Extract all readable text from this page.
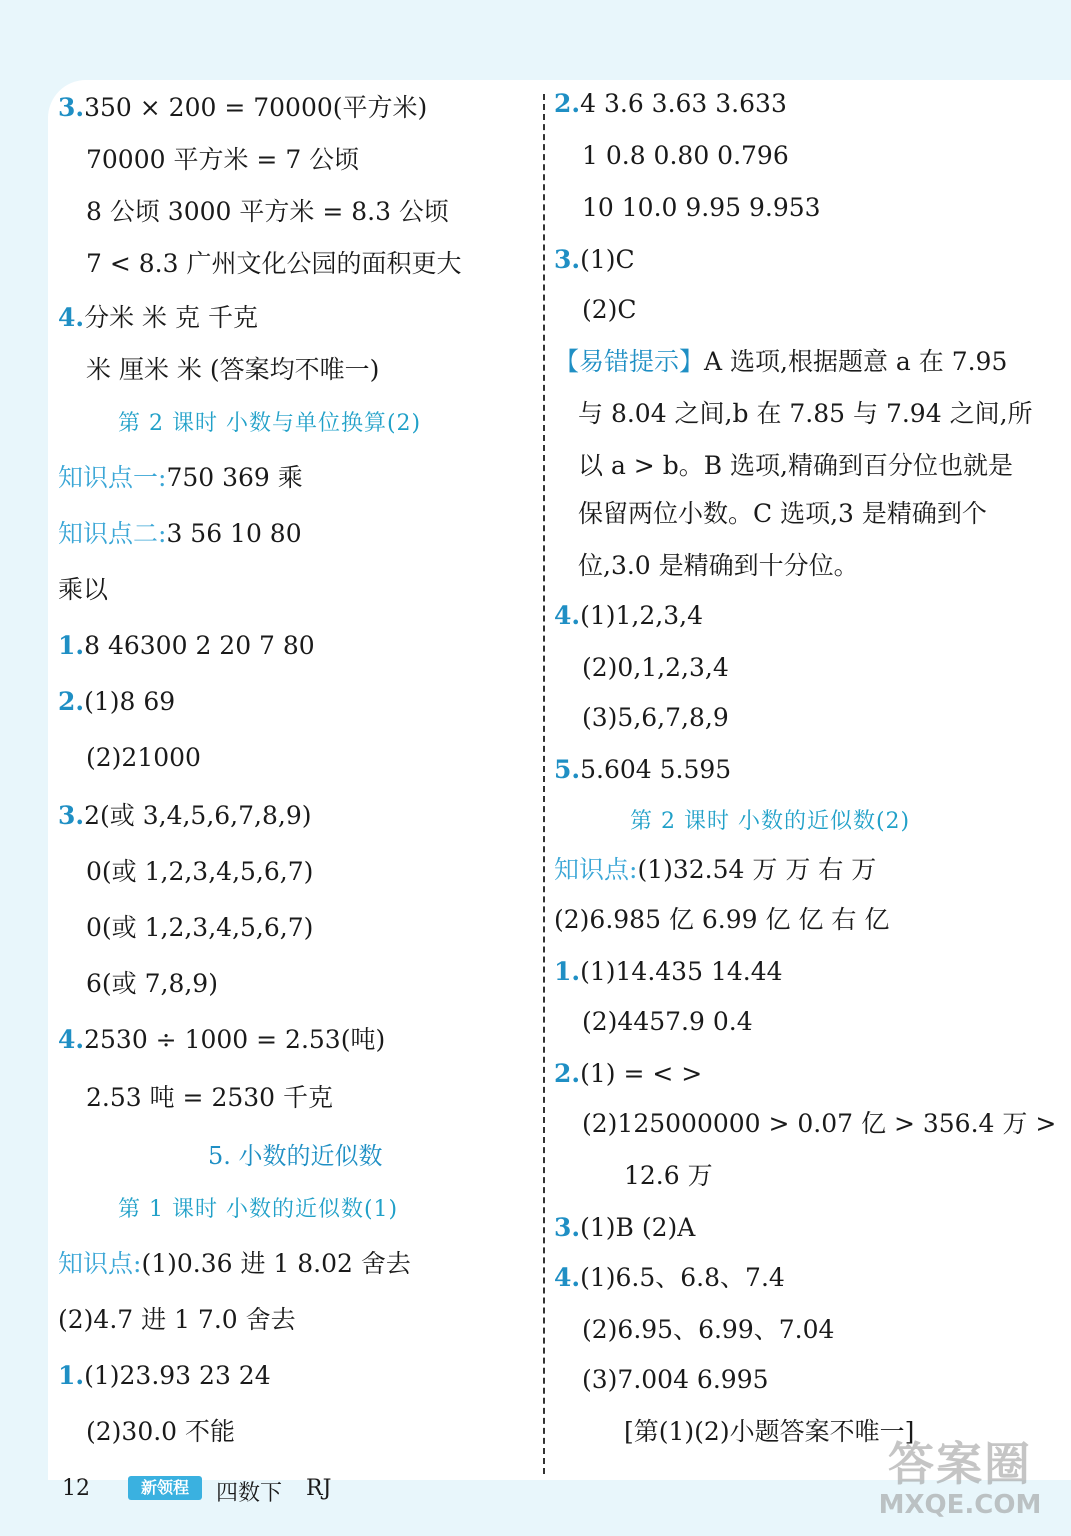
3.350 × 200 = 70000(平方米)
70000 平方米 = 7 公顷
8 公顷 3000 平方米 = 8.3 公顷
7 < 8.3 广州文化公园的面积更大
4.分米 米 克 千克
米 厘米 米 (答案均不唯一)
第 2 课时 小数与单位换算(2)
知识点一:750 369 乘
知识点二:3 56 10 80
乘以
1.8 46300 2 20 7 80
2.(1)8 69
(2)21000
3.2(或 3,4,5,6,7,8,9)
0(或 1,2,3,4,5,6,7)
0(或 1,2,3,4,5,6,7)
6(或 7,8,9)
4.2530 ÷ 1000 = 2.53(吨)
2.53 吨 = 2530 千克
5. 小数的近似数
第 1 课时 小数的近似数(1)
知识点:(1)0.36 进 1 8.02 舍去
(2)4.7 进 1 7.0 舍去
1.(1)23.93 23 24
(2)30.0 不能
2.4 3.6 3.63 3.633
1 0.8 0.80 0.796
10 10.0 9.95 9.953
3.(1)C
(2)C
【易错提示】A 选项,根据题意 a 在 7.95
与 8.04 之间,b 在 7.85 与 7.94 之间,所
以 a > b。B 选项,精确到百分位也就是
保留两位小数。C 选项,3 是精确到个
位,3.0 是精确到十分位。
4.(1)1,2,3,4
(2)0,1,2,3,4
(3)5,6,7,8,9
5.5.604 5.595
第 2 课时 小数的近似数(2)
知识点:(1)32.54 万 万 右 万
(2)6.985 亿 6.99 亿 亿 右 亿
1.(1)14.435 14.44
(2)4457.9 0.4
2.(1) = < >
(2)125000000 > 0.07 亿 > 356.4 万 >
12.6 万
3.(1)B (2)A
4.(1)6.5、6.8、7.4
(2)6.95、6.99、7.04
(3)7.004 6.995
[第(1)(2)小题答案不唯一]
12	新领程	四数下 RJ	答案圈
MXQE.COM
